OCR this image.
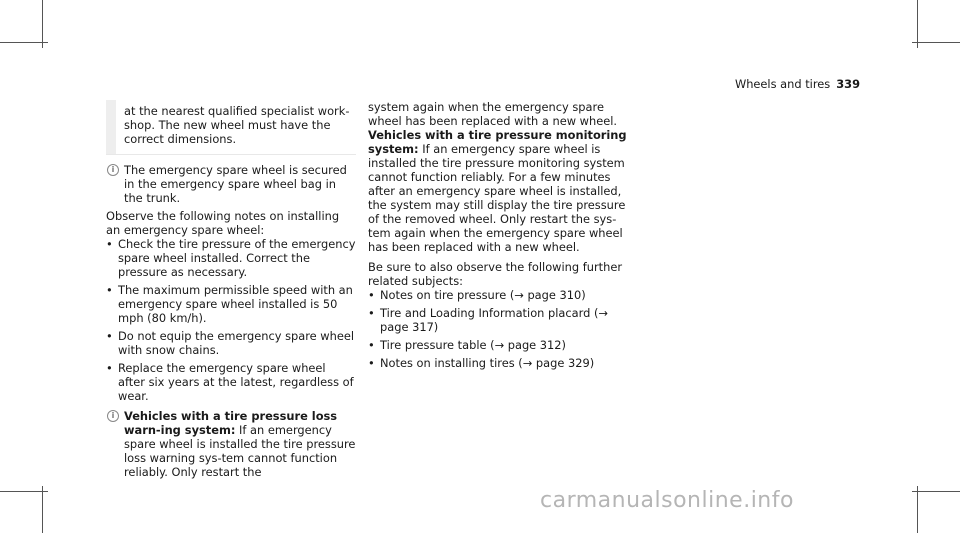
Wheels and tires 339

at the nearest qualified specialist work-shop. The new wheel must have the correct dimensions.

i The emergency spare wheel is secured in the emergency spare wheel bag in the trunk.

Observe the following notes on installing an emergency spare wheel:

• Check the tire pressure of the emergency spare wheel installed. Correct the pressure as necessary.
• The maximum permissible speed with an emergency spare wheel installed is 50 mph (80 km/h).
• Do not equip the emergency spare wheel with snow chains.
• Replace the emergency spare wheel after six years at the latest, regardless of wear.
i Vehicles with a tire pressure loss warn-ing system: If an emergency spare wheel is installed the tire pressure loss warning sys-tem cannot function reliably. Only restart the

system again when the emergency spare wheel has been replaced with a new wheel.

Vehicles with a tire pressure monitoring system: If an emergency spare wheel is installed the tire pressure monitoring system cannot function reliably. For a few minutes after an emergency spare wheel is installed, the system may still display the tire pressure of the removed wheel. Only restart the sys-tem again when the emergency spare wheel has been replaced with a new wheel.

Be sure to also observe the following further related subjects:

• Notes on tire pressure (→ page 310)
• Tire and Loading Information placard (→ page 317)
• Tire pressure table (→ page 312)
• Notes on installing tires (→ page 329)
carmanualsonline.info
